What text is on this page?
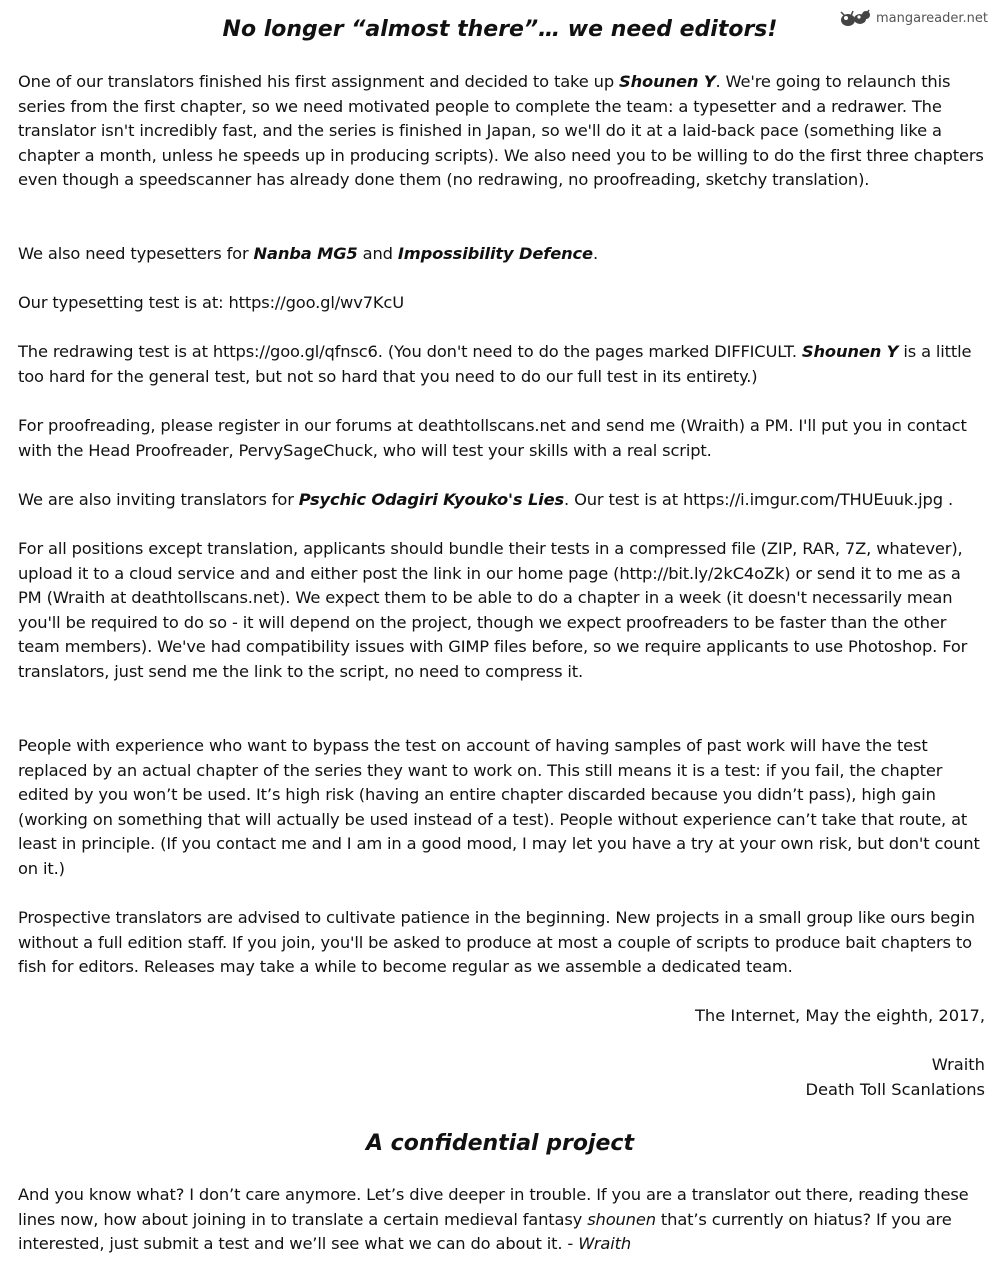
mangareader.net
No longer “almost there”… we need editors!

One of our translators finished his first assignment and decided to take up Shounen Y. We're going to relaunch this series from the first chapter, so we need motivated people to complete the team: a typesetter and a redrawer. The translator isn't incredibly fast, and the series is finished in Japan, so we'll do it at a laid-back pace (something like a chapter a month, unless he speeds up in producing scripts). We also need you to be willing to do the first three chapters even though a speedscanner has already done them (no redrawing, no proofreading, sketchy translation).

We also need typesetters for Nanba MG5 and Impossibility Defence.

Our typesetting test is at: https://goo.gl/wv7KcU

The redrawing test is at https://goo.gl/qfnsc6. (You don't need to do the pages marked DIFFICULT. Shounen Y is a little too hard for the general test, but not so hard that you need to do our full test in its entirety.)

For proofreading, please register in our forums at deathtollscans.net and send me (Wraith) a PM. I'll put you in contact with the Head Proofreader, PervySageChuck, who will test your skills with a real script.

We are also inviting translators for Psychic Odagiri Kyouko's Lies. Our test is at https://i.imgur.com/THUEuuk.jpg .

For all positions except translation, applicants should bundle their tests in a compressed file (ZIP, RAR, 7Z, whatever), upload it to a cloud service and and either post the link in our home page (http://bit.ly/2kC4oZk) or send it to me as a PM (Wraith at deathtollscans.net). We expect them to be able to do a chapter in a week (it doesn't necessarily mean you'll be required to do so - it will depend on the project, though we expect proofreaders to be faster than the other team members). We've had compatibility issues with GIMP files before, so we require applicants to use Photoshop. For translators, just send me the link to the script, no need to compress it.

People with experience who want to bypass the test on account of having samples of past work will have the test replaced by an actual chapter of the series they want to work on. This still means it is a test: if you fail, the chapter edited by you won’t be used. It’s high risk (having an entire chapter discarded because you didn’t pass), high gain (working on something that will actually be used instead of a test). People without experience can’t take that route, at least in principle. (If you contact me and I am in a good mood, I may let you have a try at your own risk, but don't count on it.)

Prospective translators are advised to cultivate patience in the beginning. New projects in a small group like ours begin without a full edition staff. If you join, you'll be asked to produce at most a couple of scripts to produce bait chapters to fish for editors. Releases may take a while to become regular as we assemble a dedicated team.

The Internet, May the eighth, 2017,

Wraith

Death Toll Scanlations

A confidential project

And you know what? I don’t care anymore. Let’s dive deeper in trouble. If you are a translator out there, reading these lines now, how about joining in to translate a certain medieval fantasy shounen that’s currently on hiatus? If you are interested, just submit a test and we’ll see what we can do about it. - Wraith
